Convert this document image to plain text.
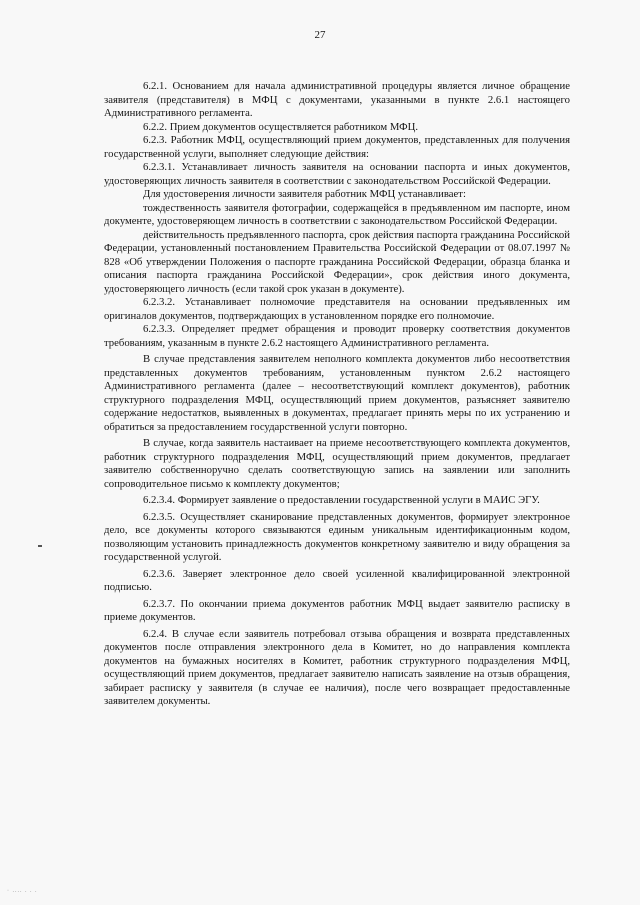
27

6.2.1. Основанием для начала административной процедуры является личное обращение заявителя (представителя) в МФЦ с документами, указанными в пункте 2.6.1 настоящего Административного регламента.

6.2.2. Прием документов осуществляется работником МФЦ.

6.2.3. Работник МФЦ, осуществляющий прием документов, представленных для получения государственной услуги, выполняет следующие действия:

6.2.3.1. Устанавливает личность заявителя на основании паспорта и иных документов, удостоверяющих личность заявителя в соответствии с законодательством Российской Федерации.

Для удостоверения личности заявителя работник МФЦ устанавливает:

тождественность заявителя фотографии, содержащейся в предъявленном им паспорте, ином документе, удостоверяющем личность в соответствии с законодательством Российской Федерации.

действительность предъявленного паспорта, срок действия паспорта гражданина Российской Федерации, установленный постановлением Правительства Российской Федерации от 08.07.1997 № 828 «Об утверждении Положения о паспорте гражданина Российской Федерации, образца бланка и описания паспорта гражданина Российской Федерации», срок действия иного документа, удостоверяющего личность (если такой срок указан в документе).

6.2.3.2. Устанавливает полномочие представителя на основании предъявленных им оригиналов документов, подтверждающих в установленном порядке его полномочие.

6.2.3.3. Определяет предмет обращения и проводит проверку соответствия документов требованиям, указанным в пункте 2.6.2 настоящего Административного регламента.

В случае представления заявителем неполного комплекта документов либо несоответствия представленных документов требованиям, установленным пунктом 2.6.2 настоящего Административного регламента (далее – несоответствующий комплект документов), работник структурного подразделения МФЦ, осуществляющий прием документов, разъясняет заявителю содержание недостатков, выявленных в документах, предлагает принять меры по их устранению и обратиться за предоставлением государственной услуги повторно.

В случае, когда заявитель настаивает на приеме несоответствующего комплекта документов, работник структурного подразделения МФЦ, осуществляющий прием документов, предлагает заявителю собственноручно сделать соответствующую запись на заявлении или заполнить сопроводительное письмо к комплекту документов;

6.2.3.4. Формирует заявление о предоставлении государственной услуги в МАИС ЭГУ.

6.2.3.5. Осуществляет сканирование представленных документов, формирует электронное дело, все документы которого связываются единым уникальным идентификационным кодом, позволяющим установить принадлежность документов конкретному заявителю и виду обращения за государственной услугой.

6.2.3.6. Заверяет электронное дело своей усиленной квалифицированной электронной подписью.

6.2.3.7. По окончании приема документов работник МФЦ выдает заявителю расписку в приеме документов.

6.2.4. В случае если заявитель потребовал отзыва обращения и возврата представленных документов после отправления электронного дела в Комитет, но до направления комплекта документов на бумажных носителях в Комитет, работник структурного подразделения МФЦ, осуществляющий прием документов, предлагает заявителю написать заявление на отзыв обращения, забирает расписку у заявителя (в случае ее наличия), после чего возвращает предоставленные заявителем документы.

· .... . . .
